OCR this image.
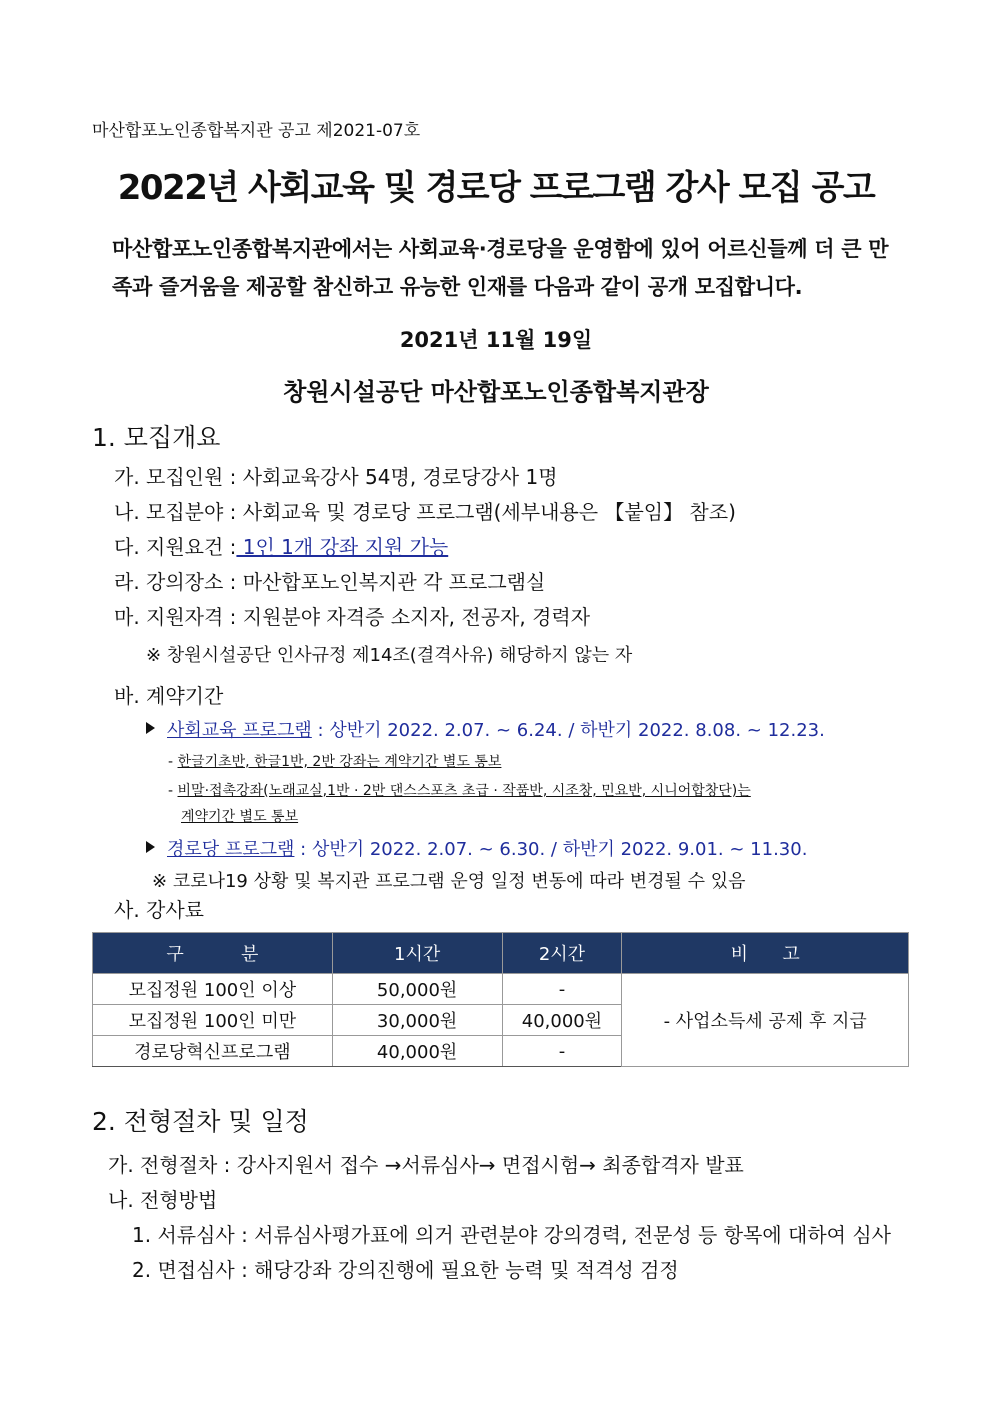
마산합포노인종합복지관 공고 제2021-07호
2022년 사회교육 및 경로당 프로그램 강사 모집 공고
마산합포노인종합복지관에서는 사회교육·경로당을 운영함에 있어 어르신들께 더 큰 만족과 즐거움을 제공할 참신하고 유능한 인재를 다음과 같이 공개 모집합니다.
2021년 11월 19일
창원시설공단 마산합포노인종합복지관장
1. 모집개요
가. 모집인원 : 사회교육강사 54명, 경로당강사 1명
나. 모집분야 : 사회교육 및 경로당 프로그램(세부내용은 【붙임】 참조)
다. 지원요건 : 1인 1개 강좌 지원 가능
라. 강의장소 : 마산합포노인복지관 각 프로그램실
마. 지원자격 : 지원분야 자격증 소지자, 전공자, 경력자
※ 창원시설공단 인사규정 제14조(결격사유) 해당하지 않는 자
바. 계약기간
사회교육 프로그램 : 상반기 2022. 2.07. ~ 6.24. / 하반기 2022. 8.08. ~ 12.23.
- 한글기초반, 한글1반, 2반 강좌는 계약기간 별도 통보
- 비말·접촉강좌(노래교실,1반 · 2반 댄스스포츠 초급 · 작품반, 시조창, 민요반, 시니어합창단)는
계약기간 별도 통보
경로당 프로그램 : 상반기 2022. 2.07. ~ 6.30. / 하반기 2022. 9.01. ~ 11.30.
※ 코로나19 상황 및 복지관 프로그램 운영 일정 변동에 따라 변경될 수 있음
사. 강사료
구          분	1시간	2시간	비      고
모집정원 100인 이상	50,000원	-	- 사업소득세 공제 후 지급
모집정원 100인 미만	30,000원	40,000원	
경로당혁신프로그램	40,000원	-	
2. 전형절차 및 일정
가. 전형절차 : 강사지원서 접수 →서류심사→ 면접시험→ 최종합격자 발표
나. 전형방법
1. 서류심사 : 서류심사평가표에 의거 관련분야 강의경력, 전문성 등 항목에 대하여 심사
2. 면접심사 : 해당강좌 강의진행에 필요한 능력 및 적격성 검정
